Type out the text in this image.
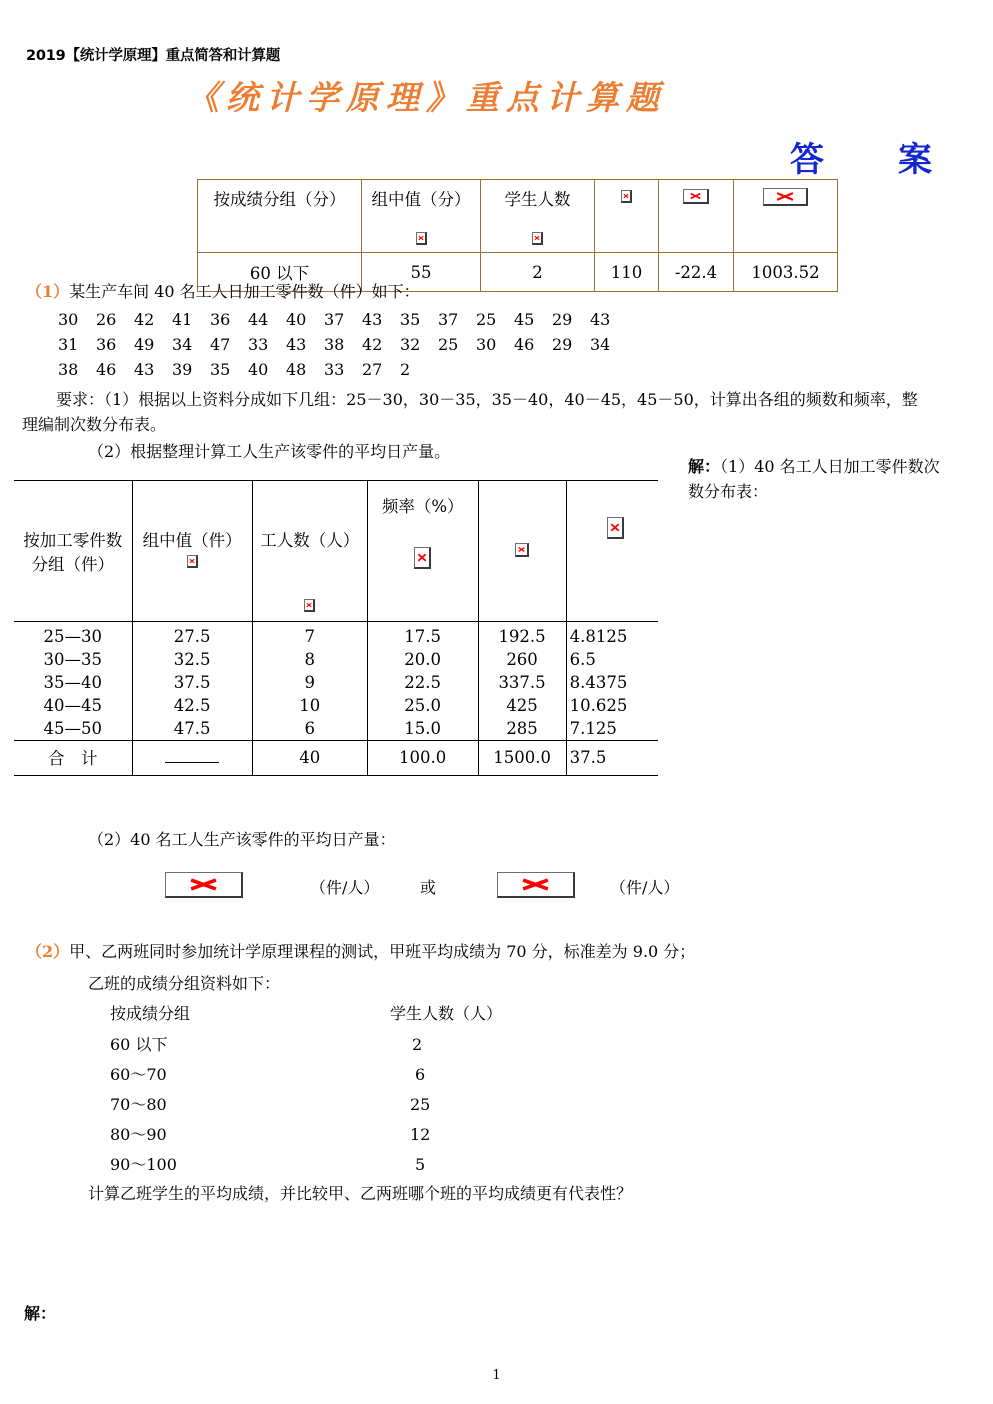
2019【统计学原理】重点简答和计算题
《统计学原理》重点计算题
答　　案
按成绩分组（分）	组中值（分）	学生人数

60 以下	55	2	110	-22.4	1003.52
（1）某生产车间 40 名工人日加工零件数（件）如下：
30 26 42 41 36 44 40 37 43 35 37 25 45 29 43
31 36 49 34 47 33 43 38 42 32 25 30 46 29 34
38 46 43 39 35 40 48 33 27 2
要求：（1）根据以上资料分成如下几组：25－30，30－35，35－40，40－45，45－50，计算出各组的频数和频率，整
理编制次数分布表。
（2）根据整理计算工人生产该零件的平均日产量。
解：（1）40 名工人日加工零件数次
数分布表：
按加工零件数
分组（件）	组中值（件）	工人数（人）	频率（%）

25—30	27.5	7	17.5	192.5	4.8125
30—35	32.5	8	20.0	260	6.5
35—40	37.5	9	22.5	337.5	8.4375
40—45	42.5	10	25.0	425	10.625
45—50	47.5	6	15.0	285	7.125
合　计		40	100.0	1500.0	37.5
（2）40 名工人生产该零件的平均日产量：
（件/人）	或	（件/人）
（2）甲、乙两班同时参加统计学原理课程的测试，甲班平均成绩为 70 分，标准差为 9.0 分；
乙班的成绩分组资料如下：
按成绩分组	学生人数（人）
60 以下	2
60～70	6
70～80	25
80～90	12
90～100	5
计算乙班学生的平均成绩，并比较甲、乙两班哪个班的平均成绩更有代表性？
解：
1
